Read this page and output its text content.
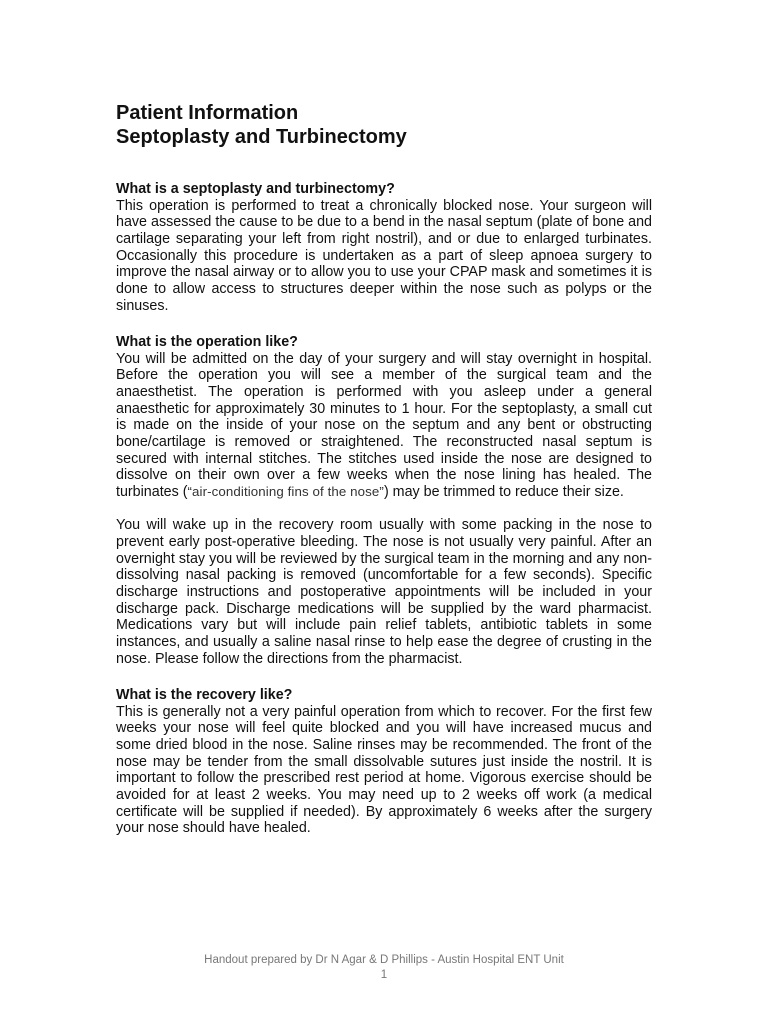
Patient Information
Septoplasty and Turbinectomy
What is a septoplasty and turbinectomy?

This operation is performed to treat a chronically blocked nose. Your surgeon will have assessed the cause to be due to a bend in the nasal septum (plate of bone and cartilage separating your left from right nostril), and or due to enlarged turbinates. Occasionally this procedure is undertaken as a part of sleep apnoea surgery to improve the nasal airway or to allow you to use your CPAP mask and sometimes it is done to allow access to structures deeper within the nose such as polyps or the sinuses.

What is the operation like?

You will be admitted on the day of your surgery and will stay overnight in hospital. Before the operation you will see a member of the surgical team and the anaesthetist. The operation is performed with you asleep under a general anaesthetic for approximately 30 minutes to 1 hour. For the septoplasty, a small cut is made on the inside of your nose on the septum and any bent or obstructing bone/cartilage is removed or straightened. The reconstructed nasal septum is secured with internal stitches. The stitches used inside the nose are designed to dissolve on their own over a few weeks when the nose lining has healed. The turbinates (“air-conditioning fins of the nose”) may be trimmed to reduce their size.

You will wake up in the recovery room usually with some packing in the nose to prevent early post-operative bleeding. The nose is not usually very painful. After an overnight stay you will be reviewed by the surgical team in the morning and any non-dissolving nasal packing is removed (uncomfortable for a few seconds). Specific discharge instructions and postoperative appointments will be included in your discharge pack. Discharge medications will be supplied by the ward pharmacist. Medications vary but will include pain relief tablets, antibiotic tablets in some instances, and usually a saline nasal rinse to help ease the degree of crusting in the nose. Please follow the directions from the pharmacist.

What is the recovery like?

This is generally not a very painful operation from which to recover. For the first few weeks your nose will feel quite blocked and you will have increased mucus and some dried blood in the nose. Saline rinses may be recommended. The front of the nose may be tender from the small dissolvable sutures just inside the nostril. It is important to follow the prescribed rest period at home. Vigorous exercise should be avoided for at least 2 weeks. You may need up to 2 weeks off work (a medical certificate will be supplied if needed). By approximately 6 weeks after the surgery your nose should have healed.

Handout prepared by Dr N Agar & D Phillips - Austin Hospital ENT Unit
1
